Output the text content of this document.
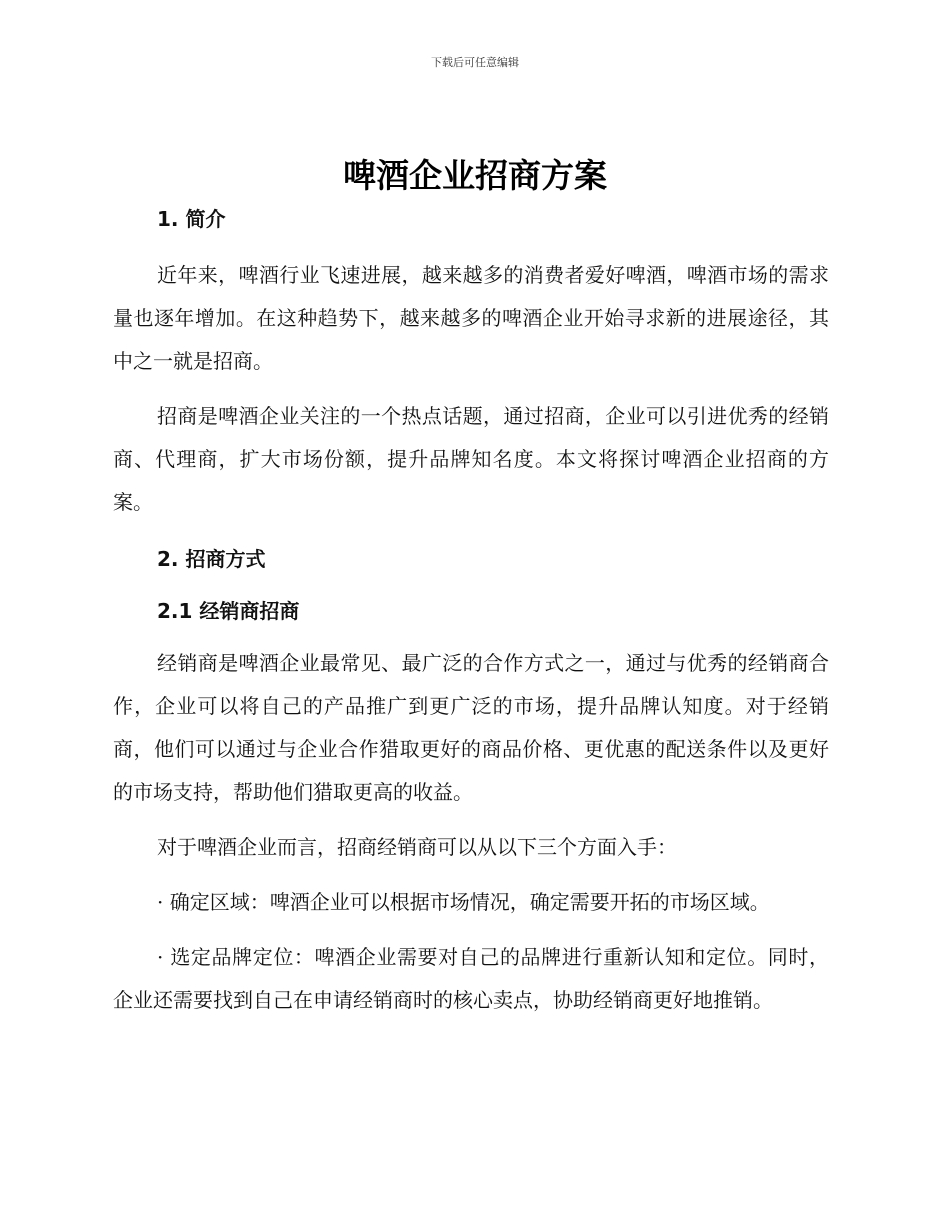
下载后可任意编辑
啤酒企业招商方案
1. 简介

近年来，啤酒行业飞速进展，越来越多的消费者爱好啤酒，啤酒市场的需求量也逐年增加。在这种趋势下，越来越多的啤酒企业开始寻求新的进展途径，其中之一就是招商。

招商是啤酒企业关注的一个热点话题，通过招商，企业可以引进优秀的经销商、代理商，扩大市场份额，提升品牌知名度。本文将探讨啤酒企业招商的方案。

2. 招商方式
2.1 经销商招商

经销商是啤酒企业最常见、最广泛的合作方式之一，通过与优秀的经销商合作，企业可以将自己的产品推广到更广泛的市场，提升品牌认知度。对于经销商，他们可以通过与企业合作猎取更好的商品价格、更优惠的配送条件以及更好的市场支持，帮助他们猎取更高的收益。

对于啤酒企业而言，招商经销商可以从以下三个方面入手：

· 确定区域：啤酒企业可以根据市场情况，确定需要开拓的市场区域。

· 选定品牌定位：啤酒企业需要对自己的品牌进行重新认知和定位。同时，企业还需要找到自己在申请经销商时的核心卖点，协助经销商更好地推销。
